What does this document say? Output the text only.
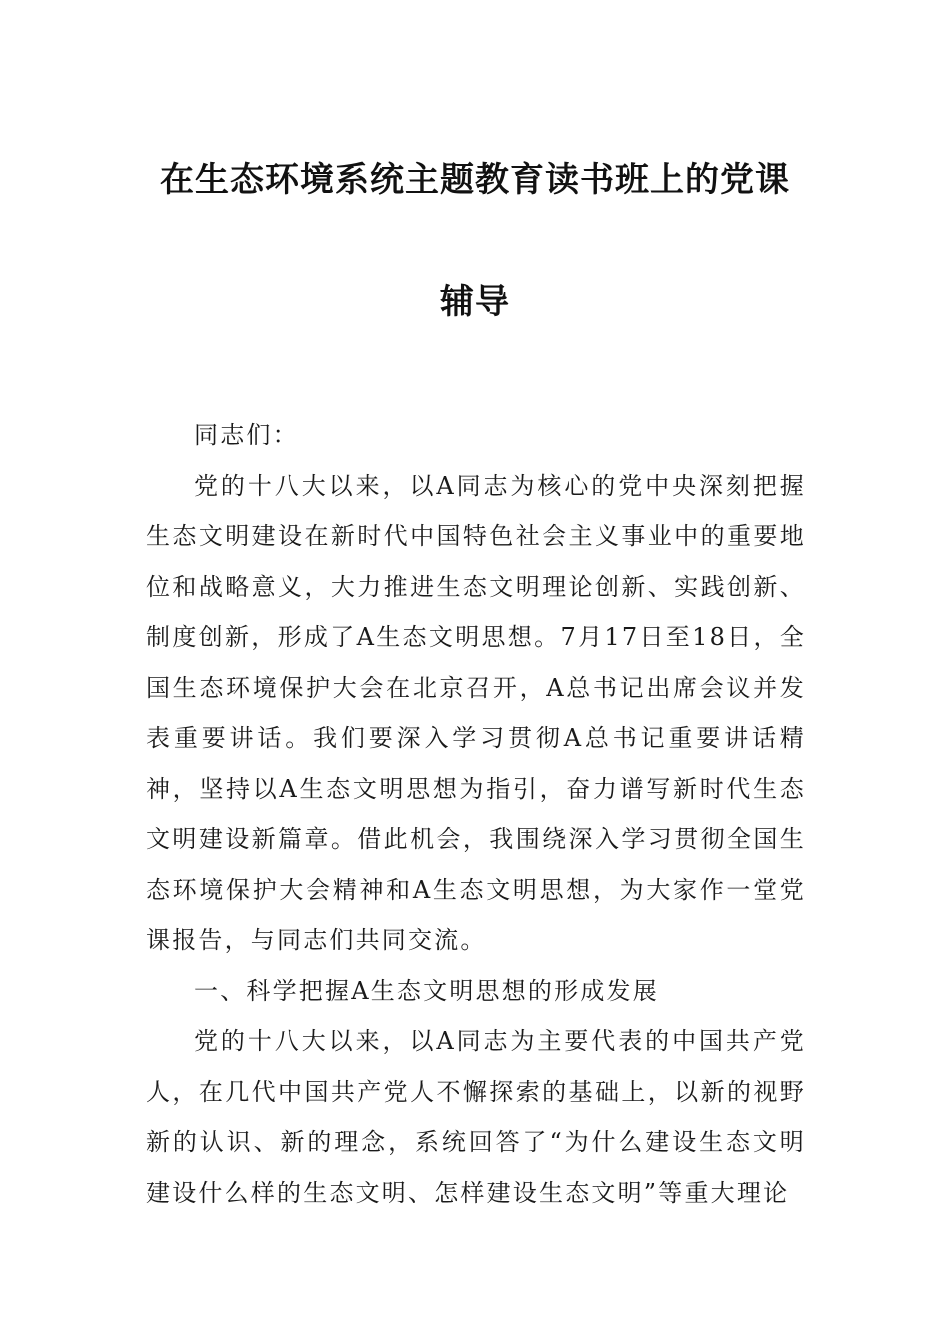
在生态环境系统主题教育读书班上的党课
辅导

同志们：

党的十八大以来，以A同志为核心的党中央深刻把握生态文明建设在新时代中国特色社会主义事业中的重要地位和战略意义，大力推进生态文明理论创新、实践创新、制度创新，形成了A生态文明思想。7月17日至18日，全国生态环境保护大会在北京召开，A总书记出席会议并发表重要讲话。我们要深入学习贯彻A总书记重要讲话精神，坚持以A生态文明思想为指引，奋力谱写新时代生态文明建设新篇章。借此机会，我围绕深入学习贯彻全国生态环境保护大会精神和A生态文明思想，为大家作一堂党课报告，与同志们共同交流。

一、科学把握A生态文明思想的形成发展

党的十八大以来，以A同志为主要代表的中国共产党人，在几代中国共产党人不懈探索的基础上，以新的视野新的认识、新的理念，系统回答了“为什么建设生态文明建设什么样的生态文明、怎样建设生态文明”等重大理论
